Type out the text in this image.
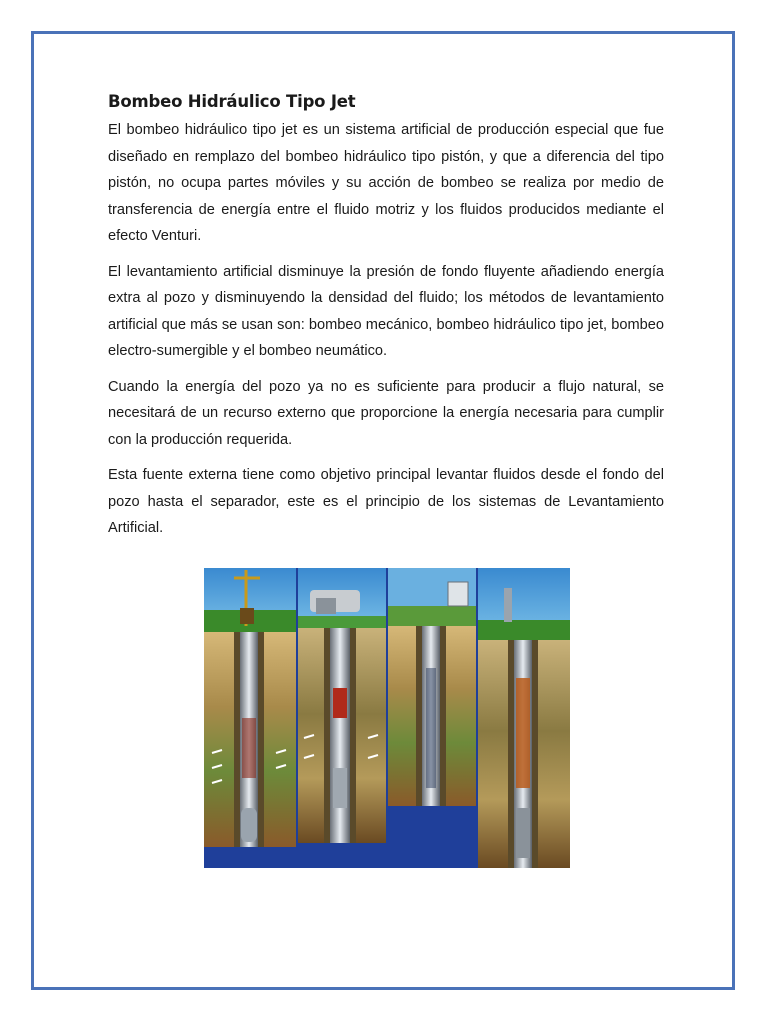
Bombeo Hidráulico Tipo Jet

El bombeo hidráulico tipo jet es un sistema artificial de producción especial que fue diseñado en remplazo del bombeo hidráulico tipo pistón, y que a diferencia del tipo pistón, no ocupa partes móviles y su acción de bombeo se realiza por medio de transferencia de energía entre el fluido motriz y los fluidos producidos mediante el efecto Venturi.

El levantamiento artificial disminuye la presión de fondo fluyente añadiendo energía extra al pozo y disminuyendo la densidad del fluido; los métodos de levantamiento artificial que más se usan son: bombeo mecánico, bombeo hidráulico tipo jet, bombeo electro-sumergible y el bombeo neumático.

Cuando la energía del pozo ya no es suficiente para producir a flujo natural, se necesitará de un recurso externo que proporcione la energía necesaria para cumplir con la producción requerida.

Esta fuente externa tiene como objetivo principal levantar fluidos desde el fondo del pozo hasta el separador, este es el principio de los sistemas de Levantamiento Artificial.
